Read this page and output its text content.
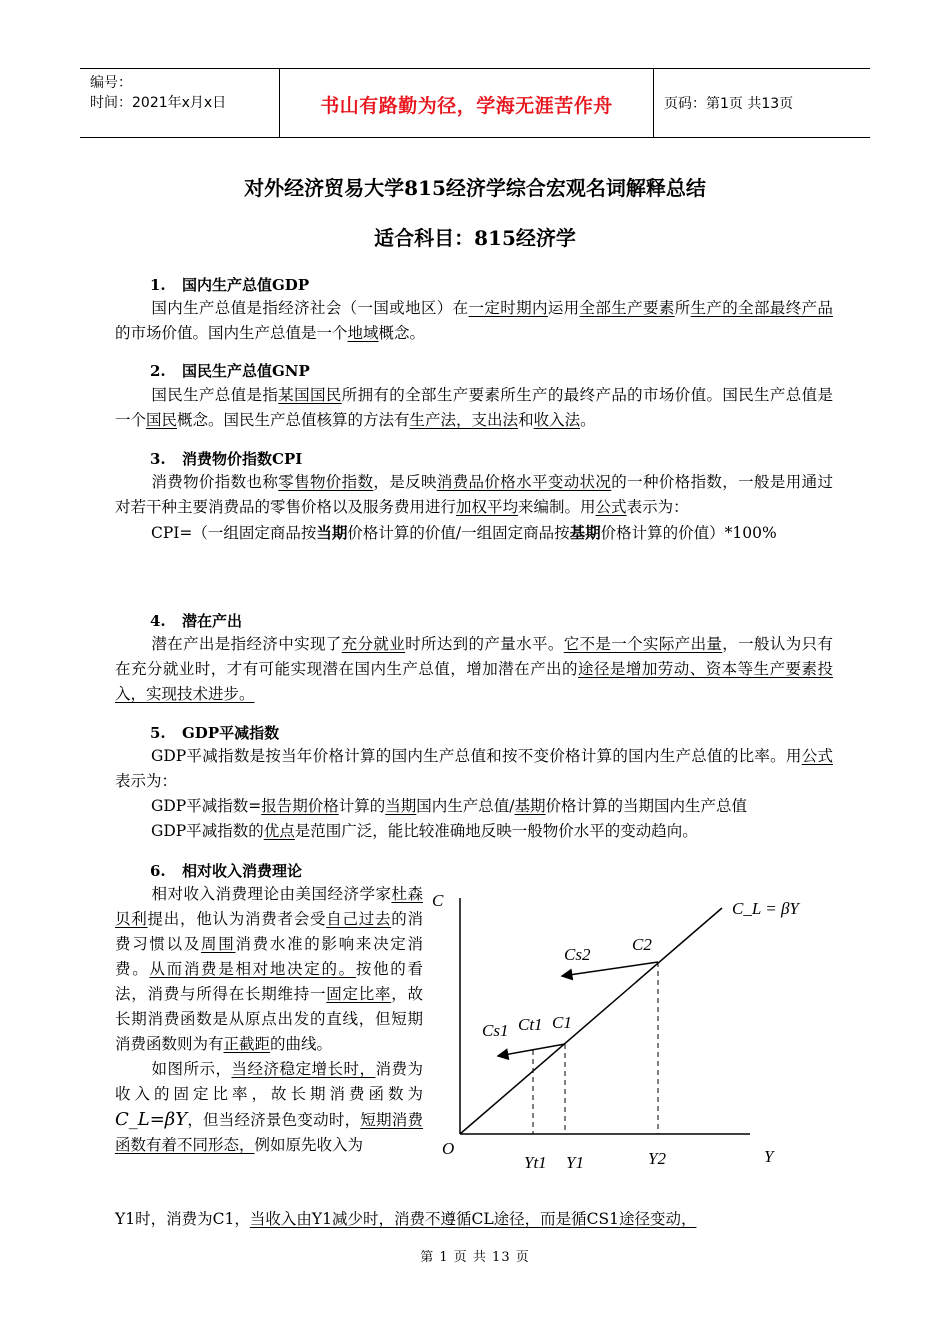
编号：
时间：2021年x月x日	书山有路勤为径，学海无涯苦作舟	页码：第1页 共13页
对外经济贸易大学815经济学综合宏观名词解释总结
适合科目：815经济学
1. 国内生产总值GDP
国内生产总值是指经济社会（一国或地区）在一定时期内运用全部生产要素所生产的全部最终产品的市场价值。国内生产总值是一个地域概念。
2. 国民生产总值GNP
国民生产总值是指某国国民所拥有的全部生产要素所生产的最终产品的市场价值。国民生产总值是一个国民概念。国民生产总值核算的方法有生产法，支出法和收入法。
3. 消费物价指数CPI
消费物价指数也称零售物价指数，是反映消费品价格水平变动状况的一种价格指数，一般是用通过对若干种主要消费品的零售价格以及服务费用进行加权平均来编制。用公式表示为：
CPI=（一组固定商品按当期价格计算的价值/一组固定商品按基期价格计算的价值）*100%
4. 潜在产出
潜在产出是指经济中实现了充分就业时所达到的产量水平。它不是一个实际产出量，一般认为只有在充分就业时，才有可能实现潜在国内生产总值，增加潜在产出的途径是增加劳动、资本等生产要素投入，实现技术进步。
5. GDP平减指数
GDP平减指数是按当年价格计算的国内生产总值和按不变价格计算的国内生产总值的比率。用公式表示为：
GDP平减指数=报告期价格计算的当期国内生产总值/基期价格计算的当期国内生产总值
GDP平减指数的优点是范围广泛，能比较准确地反映一般物价水平的变动趋向。
6. 相对收入消费理论
相对收入消费理论由美国经济学家杜森贝利提出，他认为消费者会受自己过去的消费习惯以及周围消费水准的影响来决定消费。从而消费是相对地决定的。按他的看法，消费与所得在长期维持一固定比率，故长期消费函数是从原点出发的直线，但短期消费函数则为有正截距的曲线。
如图所示，当经济稳定增长时，消费为收入的固定比率，故长期消费函数为C_L=βY，但当经济景色变动时，短期消费函数有着不同形态，例如原先收入为
Y1时，消费为C1，当收入由Y1减少时，消费不遵循CL途径，而是循CS1途径变动，
C
Y
O
C_L = βY
C2
Cs2
Cs1 Ct1 C1
Yt1 Y1	Y2
第 1 页 共 13 页
